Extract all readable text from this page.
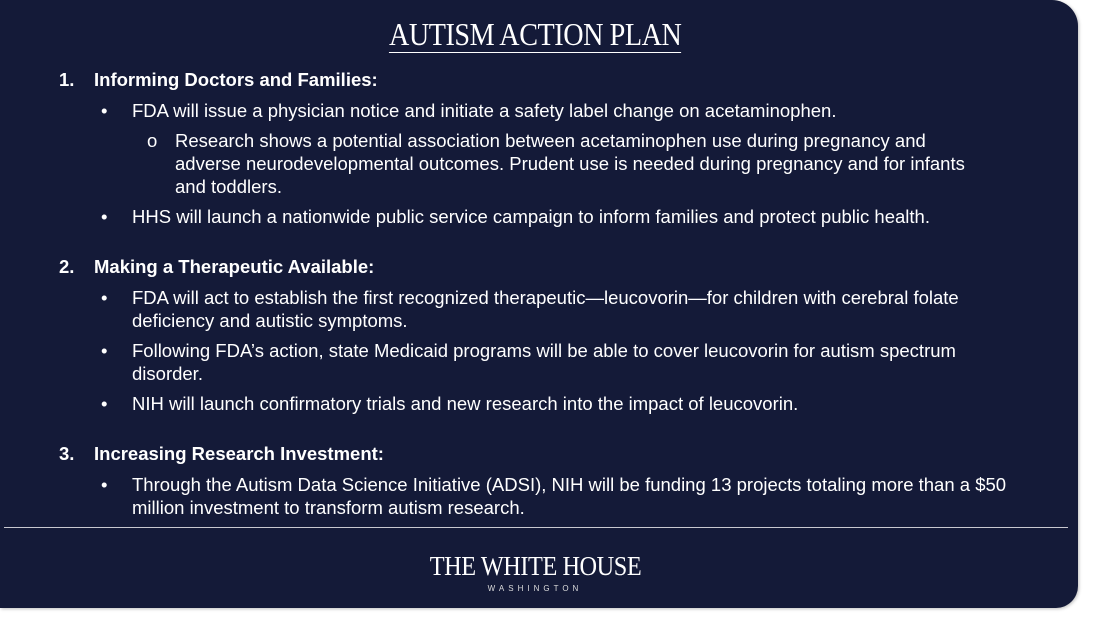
AUTISM ACTION PLAN
1.	Informing Doctors and Families:
• FDA will issue a physician notice and initiate a safety label change on acetaminophen.
o Research shows a potential association between acetaminophen use during pregnancy and adverse neurodevelopmental outcomes. Prudent use is needed during pregnancy and for infants and toddlers.
• HHS will launch a nationwide public service campaign to inform families and protect public health.
2.	Making a Therapeutic Available:
• FDA will act to establish the first recognized therapeutic—leucovorin—for children with cerebral folate deficiency and autistic symptoms.
• Following FDA’s action, state Medicaid programs will be able to cover leucovorin for autism spectrum disorder.
• NIH will launch confirmatory trials and new research into the impact of leucovorin.
3.	Increasing Research Investment:
• Through the Autism Data Science Initiative (ADSI), NIH will be funding 13 projects totaling more than a $50 million investment to transform autism research.
THE WHITE HOUSE
WASHINGTON
